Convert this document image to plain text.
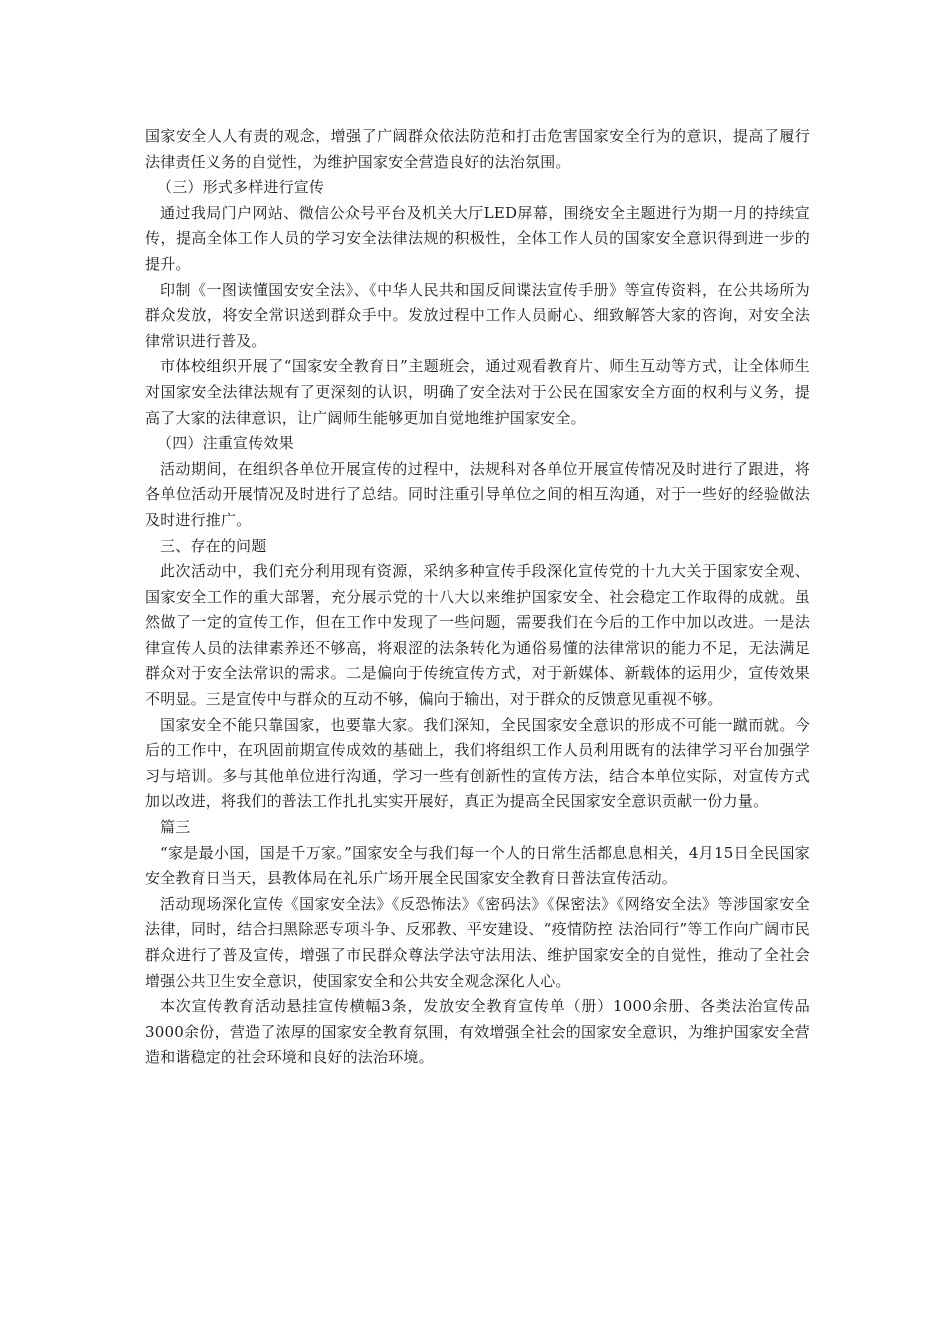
国家安全人人有责的观念，增强了广阔群众依法防范和打击危害国家安全行为的意识，提高了履行法律责任义务的自觉性，为维护国家安全营造良好的法治氛围。

（三）形式多样进行宣传

通过我局门户网站、微信公众号平台及机关大厅LED屏幕，围绕安全主题进行为期一月的持续宣传，提高全体工作人员的学习安全法律法规的积极性，全体工作人员的国家安全意识得到进一步的提升。

印制《一图读懂国安安全法》、《中华人民共和国反间谍法宣传手册》等宣传资料，在公共场所为群众发放，将安全常识送到群众手中。发放过程中工作人员耐心、细致解答大家的咨询，对安全法律常识进行普及。

市体校组织开展了“国家安全教育日”主题班会，通过观看教育片、师生互动等方式，让全体师生对国家安全法律法规有了更深刻的认识，明确了安全法对于公民在国家安全方面的权利与义务，提高了大家的法律意识，让广阔师生能够更加自觉地维护国家安全。

（四）注重宣传效果

活动期间，在组织各单位开展宣传的过程中，法规科对各单位开展宣传情况及时进行了跟进，将各单位活动开展情况及时进行了总结。同时注重引导单位之间的相互沟通，对于一些好的经验做法及时进行推广。

三、存在的问题

此次活动中，我们充分利用现有资源，采纳多种宣传手段深化宣传党的十九大关于国家安全观、国家安全工作的重大部署，充分展示党的十八大以来维护国家安全、社会稳定工作取得的成就。虽然做了一定的宣传工作，但在工作中发现了一些问题，需要我们在今后的工作中加以改进。一是法律宣传人员的法律素养还不够高，将艰涩的法条转化为通俗易懂的法律常识的能力不足，无法满足群众对于安全法常识的需求。二是偏向于传统宣传方式，对于新媒体、新载体的运用少，宣传效果不明显。三是宣传中与群众的互动不够，偏向于输出，对于群众的反馈意见重视不够。

国家安全不能只靠国家，也要靠大家。我们深知，全民国家安全意识的形成不可能一蹴而就。今后的工作中，在巩固前期宣传成效的基础上，我们将组织工作人员利用既有的法律学习平台加强学习与培训。多与其他单位进行沟通，学习一些有创新性的宣传方法，结合本单位实际，对宣传方式加以改进，将我们的普法工作扎扎实实开展好，真正为提高全民国家安全意识贡献一份力量。

篇三

“家是最小国，国是千万家。”国家安全与我们每一个人的日常生活都息息相关，4月15日全民国家安全教育日当天，县教体局在礼乐广场开展全民国家安全教育日普法宣传活动。

活动现场深化宣传《国家安全法》《反恐怖法》《密码法》《保密法》《网络安全法》等涉国家安全法律，同时，结合扫黑除恶专项斗争、反邪教、平安建设、“疫情防控 法治同行”等工作向广阔市民群众进行了普及宣传，增强了市民群众尊法学法守法用法、维护国家安全的自觉性，推动了全社会增强公共卫生安全意识，使国家安全和公共安全观念深化人心。

本次宣传教育活动悬挂宣传横幅3条，发放安全教育宣传单（册）1000余册、各类法治宣传品3000余份，营造了浓厚的国家安全教育氛围，有效增强全社会的国家安全意识，为维护国家安全营造和谐稳定的社会环境和良好的法治环境。
